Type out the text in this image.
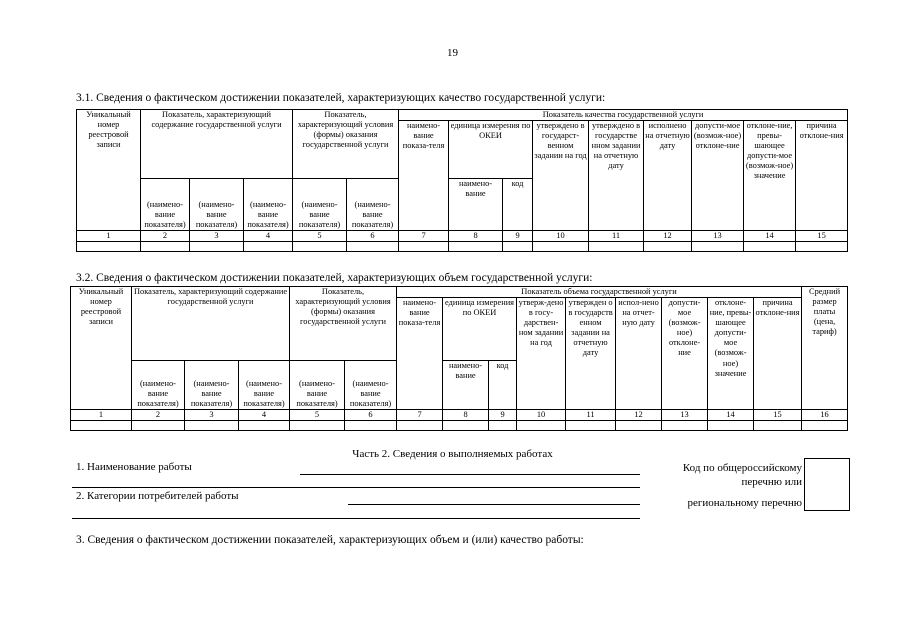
19
3.1. Сведения о фактическом достижении показателей, характеризующих качество государственной услуги:
Уникальный номер реестровой записи	Показатель, характеризующий содержание государственной услуги			Показатель, характеризующий условия (формы) оказания государственной услуги		Показатель качества государственной услуги								
						наимено-вание показа-теля	единица измерения по ОКЕИ		утверждено в государст-венном задании на год	утверждено в государстве нном задании на отчетную дату	исполнено на отчетную дату	допусти-мое (возмож-ное) отклоне-ние	отклоне-ние, превы-шающее допусти-мое (возмож-ное) значение	причина отклоне-ния
	(наимено-вание показателя)	(наимено-вание показателя)	(наимено-вание показателя)	(наимено-вание показателя)	(наимено-вание показателя)		наимено-вание	код						
1	2	3	4	5	6	7	8	9	10	11	12	13	14	15

3.2. Сведения о фактическом достижении показателей, характеризующих объем государственной услуги:
Уникальный номер реестровой записи	Показатель, характеризующий содержание государственной услуги			Показатель, характеризующий условия (формы) оказания государственной услуги		Показатель объема государственной услуги									Средний размер платы (цена, тариф)
						наимено-вание показа-теля	единица измерения по ОКЕИ		утверж-дено в госу-дарствен-ном задании на год	утвержден о в государств енном задании на отчетную дату	испол-нено на отчет-ную дату	допусти-мое (возмож-ное) отклоне-ние	отклоне-ние, превы-шающее допусти-мое (возмож-ное) значение	причина отклоне-ния	
	(наимено-вание показателя)	(наимено-вание показателя)	(наимено-вание показателя)	(наимено-вание показателя)	(наимено-вание показателя)		наимено-вание	код							
1	2	3	4	5	6	7	8	9	10	11	12	13	14	15	16

Часть 2. Сведения о выполняемых работах
1. Наименование работы
2. Категории потребителей работы
Код по общероссийскому перечню или
региональному перечню
3. Сведения о фактическом достижении показателей, характеризующих объем и (или) качество работы:
